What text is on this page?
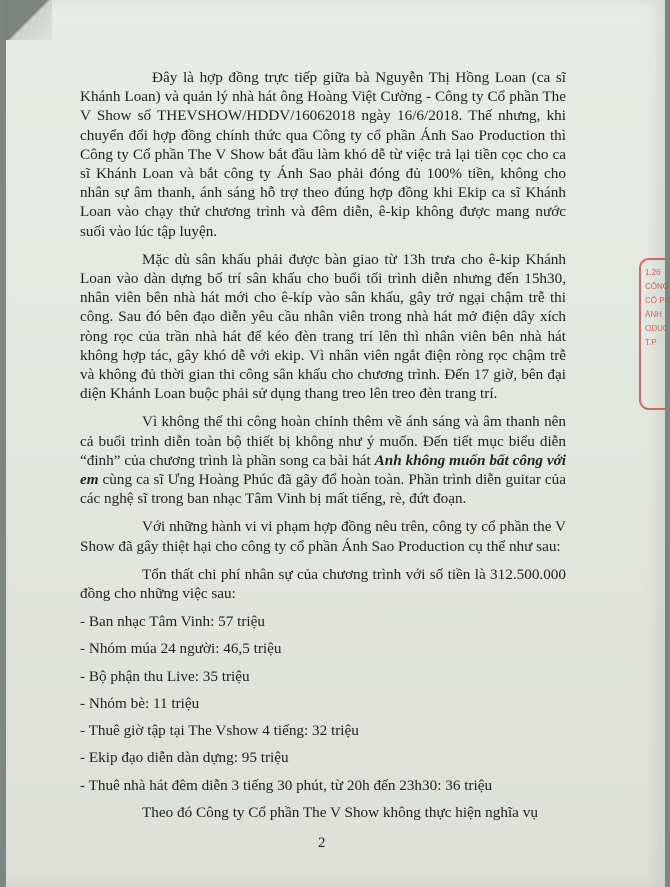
1.26
CÔNG
CỔ PH
ÁNH
ODUC
T.P

Đây là hợp đồng trực tiếp giữa bà Nguyễn Thị Hồng Loan (ca sĩ Khánh Loan) và quản lý nhà hát ông Hoàng Việt Cường - Công ty Cổ phần The V Show số THEVSHOW/HDDV/16062018 ngày 16/6/2018. Thế nhưng, khi chuyển đổi hợp đồng chính thức qua Công ty cổ phần Ánh Sao Production thì Công ty Cổ phần The V Show bắt đầu làm khó dễ từ việc trả lại tiền cọc cho ca sĩ Khánh Loan và bắt công ty Ánh Sao phải đóng đủ 100% tiền, không cho nhân sự âm thanh, ánh sáng hỗ trợ theo đúng hợp đồng khi Ekip ca sĩ Khánh Loan vào chạy thử chương trình và đêm diễn, ê-kip không được mang nước suối vào lúc tập luyện.

Mặc dù sân khấu phải được bàn giao từ 13h trưa cho ê-kip Khánh Loan vào dàn dựng bố trí sân khấu cho buổi tối trình diễn nhưng đến 15h30, nhân viên bên nhà hát mới cho ê-kíp vào sân khấu, gây trở ngại chậm trễ thi công. Sau đó bên đạo diễn yêu cầu nhân viên trong nhà hát mở điện dây xích ròng rọc của trần nhà hát để kéo đèn trang trí lên thì nhân viên bên nhà hát không hợp tác, gây khó dễ với ekip. Vì nhân viên ngắt điện ròng rọc chậm trễ và không đủ thời gian thi công sân khấu cho chương trình. Đến 17 giờ, bên đại diện Khánh Loan buộc phải sử dụng thang treo lên treo đèn trang trí.

Vì không thể thi công hoàn chỉnh thêm về ánh sáng và âm thanh nên cả buổi trình diễn toàn bộ thiết bị không như ý muốn. Đến tiết mục biểu diễn “đinh” của chương trình là phần song ca bài hát Anh không muốn bất công với em cùng ca sĩ Ưng Hoàng Phúc đã gãy đổ hoàn toàn. Phần trình diễn guitar của các nghệ sĩ trong ban nhạc Tâm Vinh bị mất tiếng, rè, đứt đoạn.

Với những hành vi vi phạm hợp đồng nêu trên, công ty cổ phần the V Show đã gây thiệt hại cho công ty cổ phần Ánh Sao Production cụ thể như sau:

Tổn thất chi phí nhân sự của chương trình với số tiền là 312.500.000 đồng cho những việc sau:

- Ban nhạc Tâm Vinh: 57 triệu
- Nhóm múa 24 người: 46,5 triệu
- Bộ phận thu Live: 35 triệu
- Nhóm bè: 11 triệu
- Thuê giờ tập tại The Vshow 4 tiếng: 32 triệu
- Ekip đạo diễn dàn dựng: 95 triệu
- Thuê nhà hát đêm diễn 3 tiếng 30 phút, từ 20h đến 23h30: 36 triệu

Theo đó Công ty Cổ phần The V Show không thực hiện nghĩa vụ

2
